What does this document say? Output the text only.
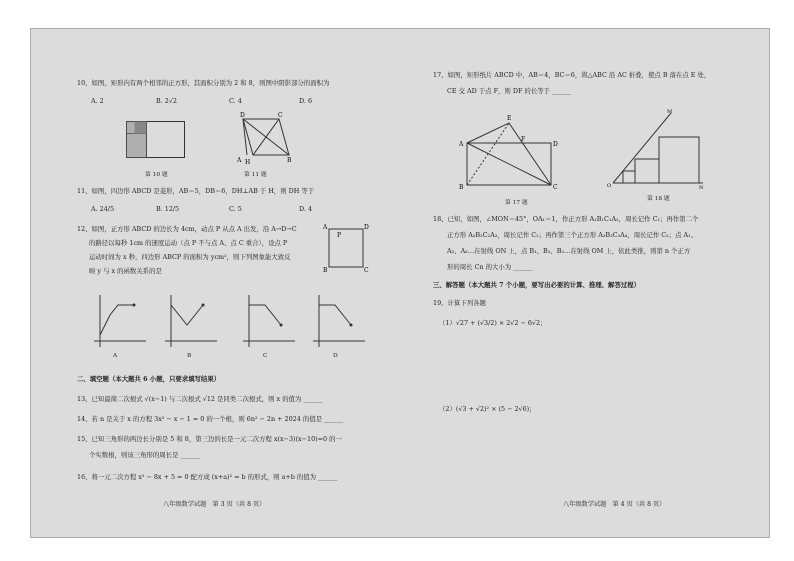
10、如图，矩形内有两个相邻的正方形，其面积分别为 2 和 8，则图中阴影部分的面积为
A. 2	B. 2√2	C. 4	D. 6
第 10 题
D	C
A H	B
第 11 题
11、如图，四边形 ABCD 是菱形，AB＝5，DB＝6，DH⊥AB 于 H，则 DH 等于
A. 24/5	B. 12/5	C. 5	D. 4
12、如图，正方形 ABCD 的边长为 4cm，动点 P 从点 A 出发，沿 A→D→C
的路径以每秒 1cm 的速度运动（点 P 不与点 A、点 C 重合），设点 P
运动时间为 x 秒，四边形 ABCP 的面积为 ycm²，则下列图象能大致反
映 y 与 x 的函数关系的是
A	D
B	C
P
A	B	C	D
二、填空题（本大题共 6 小题，只要求填写结果）
13、已知最简二次根式 √(x−1) 与二次根式 √12 是同类二次根式，则 x 的值为 ______
14、若 n 是关于 x 的方程 3x² − x − 1 = 0 的一个根，则 6n² − 2n + 2024 的值是 ______
15、已知三角形的两边长分别是 5 和 8，第三边的长是一元二次方程 x(x−3)(x−10)=0 的一
个实数根，则该三角形的周长是 ______
16、将一元二次方程 x² − 8x + 5 = 0 配方成 (x+a)² = b 的形式，则 a+b 的值为 ______
八年级数学试题　第 3 页（共 8 页）
17、如图，矩形纸片 ABCD 中，AB＝4，BC＝6，将△ABC 沿 AC 折叠，使点 B 落在点 E 处，
CE 交 AD 于点 F，则 DF 的长等于 ______
A
B	C
D
E
F
第 17 题
O
M
N
第 18 题
18、已知，如图，∠MON＝45°，OA₁＝1，作正方形 A₁B₁C₁A₂，周长记作 C₁；再作第二个
正方形 A₂B₂C₂A₃，周长记作 C₂；再作第三个正方形 A₃B₃C₃A₄，周长记作 C₃；点 A₁、
A₂、A₃…在射线 ON 上，点 B₁、B₂、B₃…在射线 OM 上，依此类推，则第 n 个正方
形的周长 Cn 的大小为 ______
三、解答题（本大题共 7 个小题，要写出必要的计算、推理、解答过程）
19、计算下列各题
（1）√27 + (√3/2) × 2√2 − 6√2；
（2）(√3 + √2)² × (5 − 2√6)；
八年级数学试题　第 4 页（共 8 页）
